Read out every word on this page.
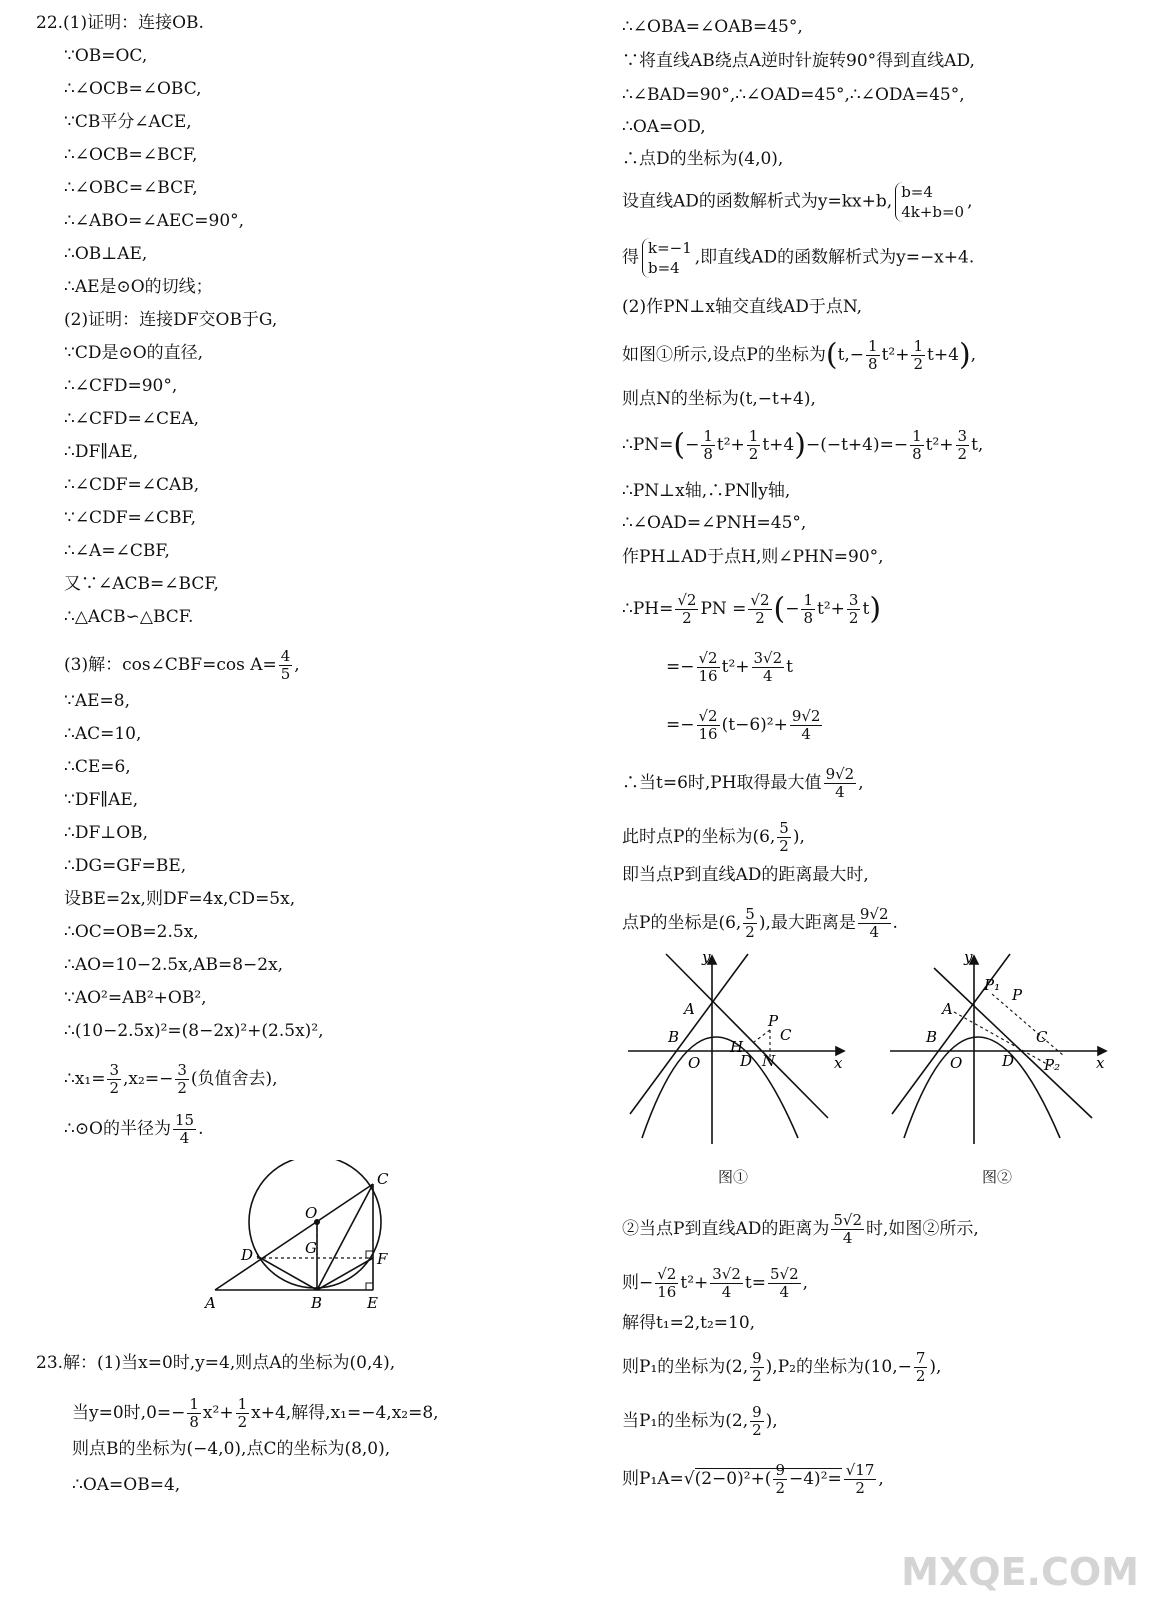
22.(1)证明：连接OB.
∵OB=OC,
∴∠OCB=∠OBC,
∵CB平分∠ACE,
∴∠OCB=∠BCF,
∴∠OBC=∠BCF,
∴∠ABO=∠AEC=90°,
∴OB⊥AE,
∴AE是⊙O的切线；
(2)证明：连接DF交OB于G,
∵CD是⊙O的直径,
∴∠CFD=90°,
∴∠CFD=∠CEA,
∴DF∥AE,
∴∠CDF=∠CAB,
∵∠CDF=∠CBF,
∴∠A=∠CBF,
又∵∠ACB=∠BCF,
∴△ACB∽△BCF.
(3)解：cos∠CBF=cos $A= \frac{4}{5}$ ,
∵AE=8,
∴AC=10,
∴CE=6,
∵DF∥AE,
∴DF⊥OB,
∴DG=GF=BE,
设BE=2x,则DF=4x,CD=5x,
∴OC=OB=2.5x,
∴AO=10−2.5x,AB=8−2x,
∵AO²=AB²+OB²,
∴(10−2.5x)²=(8−2x)²+(2.5x)²,
∴x₁= $\frac{3}{2} ,x_2=- \frac{3}{2}$ (负值舍去),
∴⊙O的半径为 $\frac{15}{4}$ .
O
C
D	G
F
A	B	E
23.解：(1)当x=0时,y=4,则点A的坐标为(0,4),
当y=0时$,0=- \frac{1}{8} x^2+ \frac{1}{2} x+4$,解得,x₁=−4,x₂=8,
则点B的坐标为(−4,0),点C的坐标为(8,0),
∴OA=OB=4,
∴∠OBA=∠OAB=45°,
∵将直线AB绕点A逆时针旋转90°得到直线AD,
∴∠BAD=90°,∴∠OAD=45°,∴∠ODA=45°,
∴OA=OD,
∴点D的坐标为(4,0),
设直线AD的函数解析式为y=kx+b, b=4
4k+b=0
,
得 k=−1
b=4
,即直线AD的函数解析式为y=−x+4.
(2)作PN⊥x轴交直线AD于点N,
如图①所示,设点P的坐标为$(t,- \frac{1}{8} t^2+ \frac{1}{2} t+4)$,
则点N的坐标为(t,−t+4),
∴PN=(− $\frac{1}{8} t^2+ \frac{1}{2} t+4)-(-t+4)=- \frac{1}{8} t^2+ \frac{3}{2} t$,
∴PN⊥x轴,∴PN∥y轴,
∴∠OAD=∠PNH=45°,
作PH⊥AD于点H,则∠PHN=90°,
∴PH= $\frac{√2}{2}$ PN = $\frac{√2}{2}$ (− $\frac{1}{8} t^2+ \frac{3}{2} t$)
=− $\frac{√2}{16} t^2+ \frac{3√2}{4}$ t
=− $\frac{√2}{16} (t-6)^2+ \frac{9√2}{4}$
∴当t=6时,PH取得最大值 $\frac{9√2}{4}$ ,
此时点P的坐标为(6, $\frac{5}{2}$ ),
即当点P到直线AD的距离最大时,
点P的坐标是(6, $\frac{5}{2}$ ),最大距离是 $\frac{9√2}{4}$ .
y
A
B
O
P
C
H
D N	x
图①
y
A
P₁
P
B
O	D
C
P₂ x
图②
②当点P到直线AD的距离为 $\frac{5√2}{4}$ 时,如图②所示,
则− $\frac{√2}{16} t^2+ \frac{3√2}{4} t= \frac{5√2}{4}$ ,
解得t₁=2,t₂=10,
则P₁的坐标为(2, $\frac{9}{2} ),P_2$的坐标为($10,- \frac{7}{2}$ ),
当P₁的坐标为(2, $\frac{9}{2}$ ),
则$P_1A=√(2-0)^2+( \frac{9}{2} -4)^2= \frac{√17}{2}$ ,
MXQE.COM
